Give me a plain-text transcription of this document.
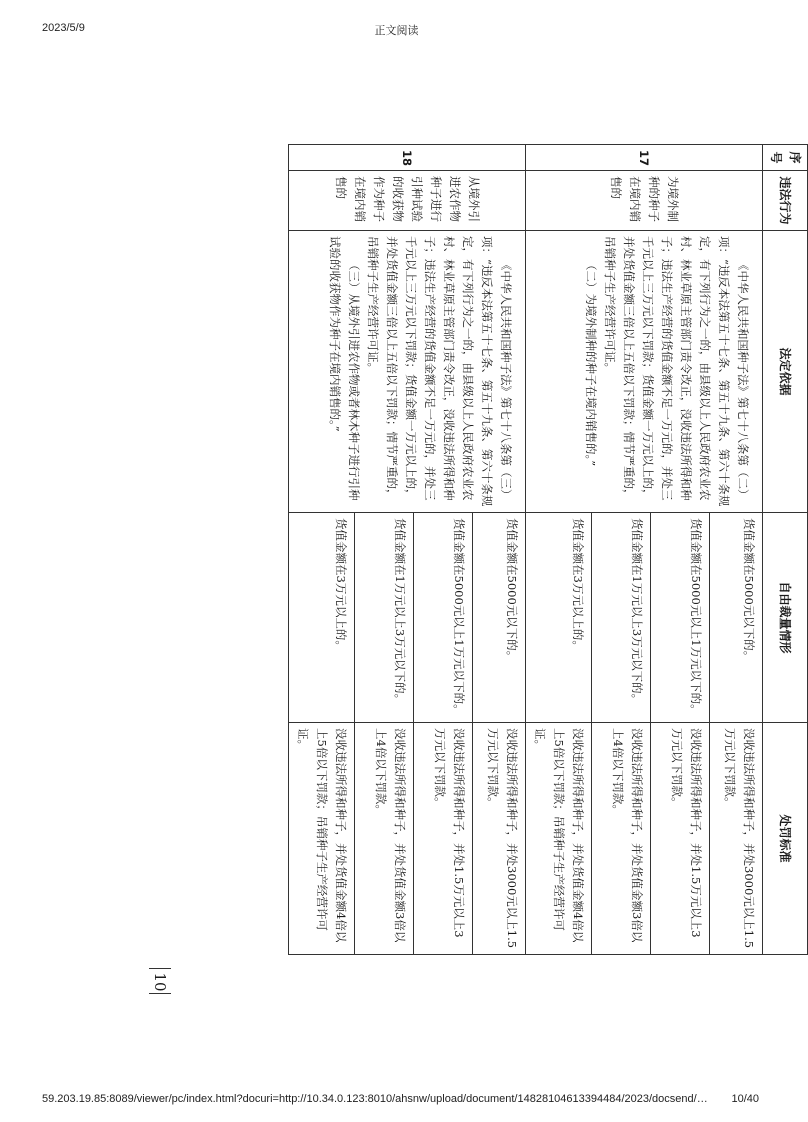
2023/5/9	正文阅读
序号	违法行为	法定依据	自由裁量情形	处罚标准
17	为境外制种的种子在境内销售的	《中华人民共和国种子法》第七十八条第（二）项：“违反本法第五十七条、第五十九条、第六十条规定，有下列行为之一的，由县级以上人民政府农业农村、林业草原主管部门责令改正，没收违法所得和种子；违法生产经营的货值金额不足一万元的，并处三千元以上三万元以下罚款；货值金额一万元以上的，并处货值金额三倍以上五倍以下罚款；情节严重的，吊销种子生产经营许可证。
（二）为境外制种的种子在境内销售的。”	货值金额在5000元以下的。	没收违法所得和种子，并处3000元以上1.5万元以下罚款。
			货值金额在5000元以上1万元以下的。	没收违法所得和种子，并处1.5万元以上3万元以下罚款。
			货值金额在1万元以上3万元以下的。	没收违法所得和种子，并处货值金额3倍以上4倍以下罚款。
			货值金额在3万元以上的。	没收违法所得和种子，并处货值金额4倍以上5倍以下罚款；吊销种子生产经营许可证。
18	从境外引进农作物种子进行引种试验的收获物作为种子在境内销售的	《中华人民共和国种子法》第七十八条第（三）项：“违反本法第五十七条、第五十九条、第六十条规定，有下列行为之一的，由县级以上人民政府农业农村、林业草原主管部门责令改正，没收违法所得和种子；违法生产经营的货值金额不足一万元的，并处三千元以上三万元以下罚款；货值金额一万元以上的，并处货值金额三倍以上五倍以下罚款；情节严重的，吊销种子生产经营许可证。
（三）从境外引进农作物或者林木种子进行引种试验的收获物作为种子在境内销售的。”	货值金额在5000元以下的。	没收违法所得和种子，并处3000元以上1.5万元以下罚款。
			货值金额在5000元以上1万元以下的。	没收违法所得和种子，并处1.5万元以上3万元以下罚款。
			货值金额在1万元以上3万元以下的。	没收违法所得和种子，并处货值金额3倍以上4倍以下罚款。
			货值金额在3万元以上的。	没收违法所得和种子，并处货值金额4倍以上5倍以下罚款；吊销种子生产经营许可证。
10
59.203.19.85:8089/viewer/pc/index.html?docuri=http://10.34.0.123:8010/ahsnw/upload/document/14828104613394484/2023/docsend/… 10/40
